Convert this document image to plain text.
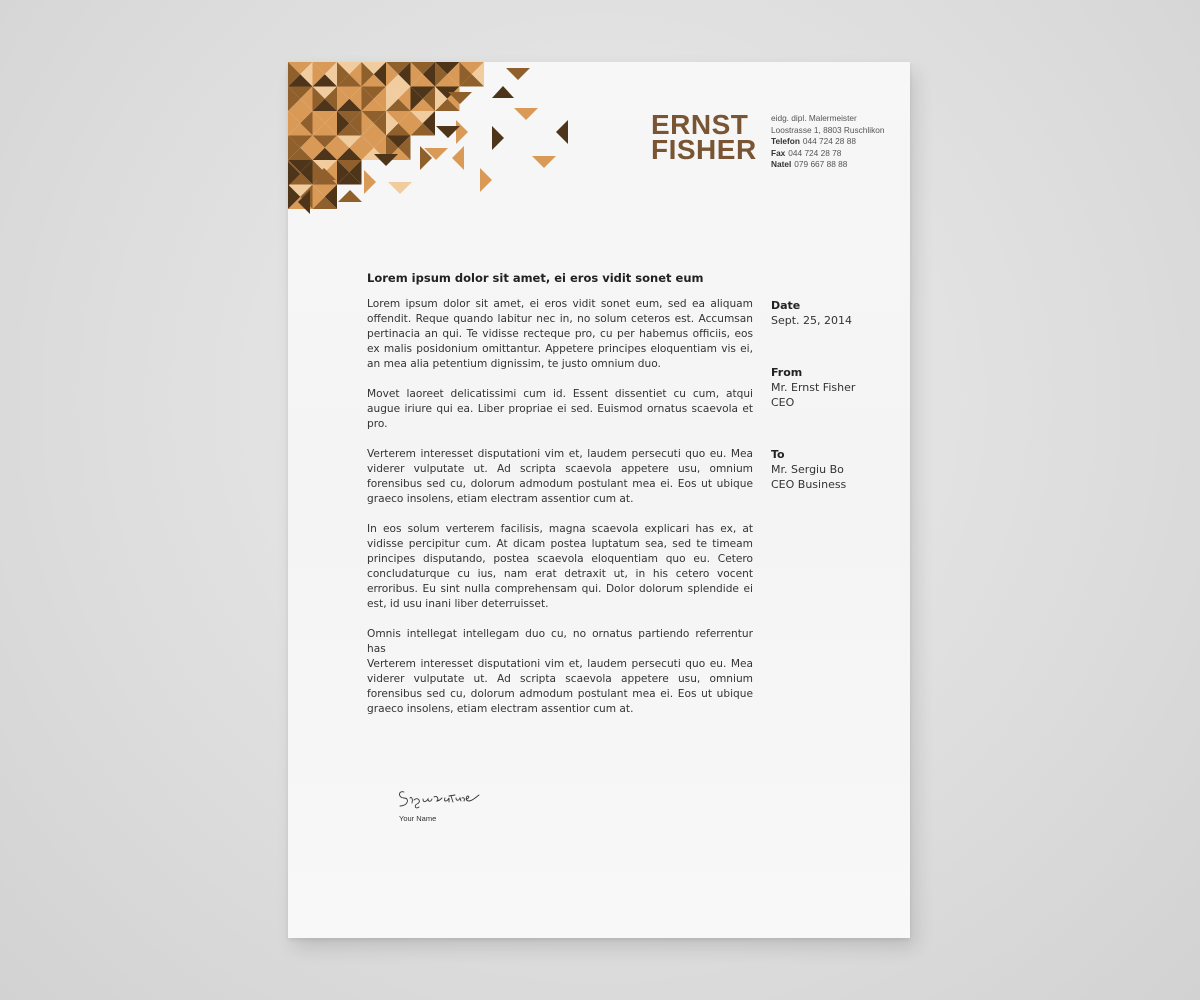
ERNST
FISHER
eidg. dipl. Malermeister
Loostrasse 1, 8803 Ruschlikon
Telefon 044 724 28 88
Fax 044 724 28 78
Natel 079 667 88 88
Lorem ipsum dolor sit amet, ei eros vidit sonet eum

Lorem ipsum dolor sit amet, ei eros vidit sonet eum, sed ea aliquam offendit. Reque quando labitur nec in, no solum ceteros est. Accumsan pertinacia an qui. Te vidisse recteque pro, cu per habemus officiis, eos ex malis posidonium omittantur. Appetere principes eloquentiam vis ei, an mea alia petentium dignissim, te justo omnium duo.

Movet laoreet delicatissimi cum id. Essent dissentiet cu cum, atqui augue iriure qui ea. Liber propriae ei sed. Euismod ornatus scaevola et pro.

Verterem interesset disputationi vim et, laudem persecuti quo eu. Mea viderer vulputate ut. Ad scripta scaevola appetere usu, omnium forensibus sed cu, dolorum admodum postulant mea ei. Eos ut ubique graeco insolens, etiam electram assentior cum at.

In eos solum verterem facilisis, magna scaevola explicari has ex, at vidisse percipitur cum. At dicam postea luptatum sea, sed te timeam principes disputando, postea scaevola eloquentiam quo eu. Cetero concludaturque cu ius, nam erat detraxit ut, in his cetero vocent erroribus. Eu sint nulla comprehensam qui. Dolor dolorum splendide ei est, id usu inani liber deterruisset.

Omnis intellegat intellegam duo cu, no ornatus partiendo referrentur has

Verterem interesset disputationi vim et, laudem persecuti quo eu. Mea viderer vulputate ut. Ad scripta scaevola appetere usu, omnium forensibus sed cu, dolorum admodum postulant mea ei. Eos ut ubique graeco insolens, etiam electram assentior cum at.

Date
Sept. 25, 2014
From
Mr. Ernst Fisher
CEO
To
Mr. Sergiu Bo
CEO Business
Your Name
